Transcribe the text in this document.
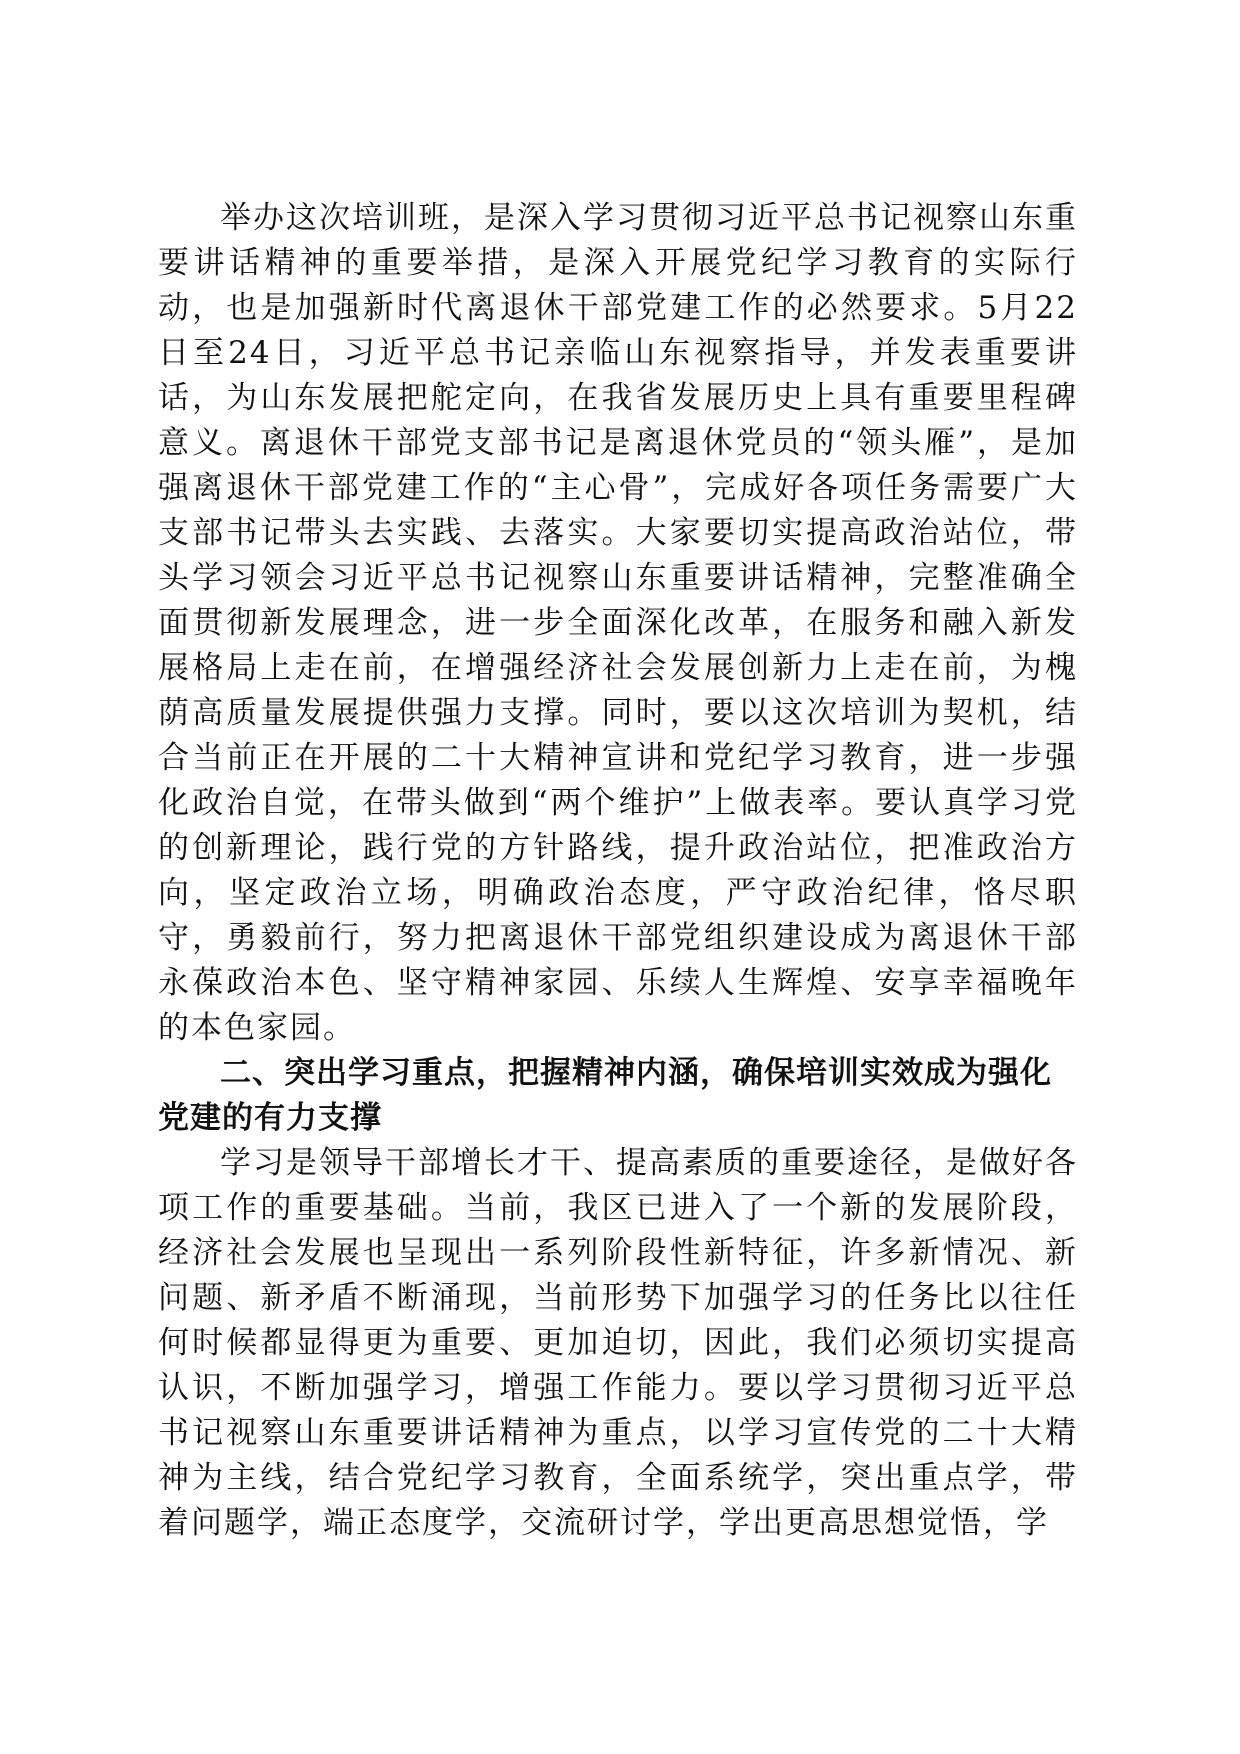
举办这次培训班，是深入学习贯彻习近平总书记视察山东重要讲话精神的重要举措，是深入开展党纪学习教育的实际行动，也是加强新时代离退休干部党建工作的必然要求。5月22日至24日，习近平总书记亲临山东视察指导，并发表重要讲话，为山东发展把舵定向，在我省发展历史上具有重要里程碑意义。离退休干部党支部书记是离退休党员的“领头雁”，是加强离退休干部党建工作的“主心骨”，完成好各项任务需要广大支部书记带头去实践、去落实。大家要切实提高政治站位，带头学习领会习近平总书记视察山东重要讲话精神，完整准确全面贯彻新发展理念，进一步全面深化改革，在服务和融入新发展格局上走在前，在增强经济社会发展创新力上走在前，为槐荫高质量发展提供强力支撑。同时，要以这次培训为契机，结合当前正在开展的二十大精神宣讲和党纪学习教育，进一步强化政治自觉，在带头做到“两个维护”上做表率。要认真学习党的创新理论，践行党的方针路线，提升政治站位，把准政治方向，坚定政治立场，明确政治态度，严守政治纪律，恪尽职守，勇毅前行，努力把离退休干部党组织建设成为离退休干部永葆政治本色、坚守精神家园、乐续人生辉煌、安享幸福晚年的本色家园。

二、突出学习重点，把握精神内涵，确保培训实效成为强化党建的有力支撑

学习是领导干部增长才干、提高素质的重要途径，是做好各项工作的重要基础。当前，我区已进入了一个新的发展阶段，经济社会发展也呈现出一系列阶段性新特征，许多新情况、新问题、新矛盾不断涌现，当前形势下加强学习的任务比以往任何时候都显得更为重要、更加迫切，因此，我们必须切实提高认识，不断加强学习，增强工作能力。要以学习贯彻习近平总书记视察山东重要讲话精神为重点，以学习宣传党的二十大精神为主线，结合党纪学习教育，全面系统学，突出重点学，带着问题学，端正态度学，交流研讨学，学出更高思想觉悟，学
